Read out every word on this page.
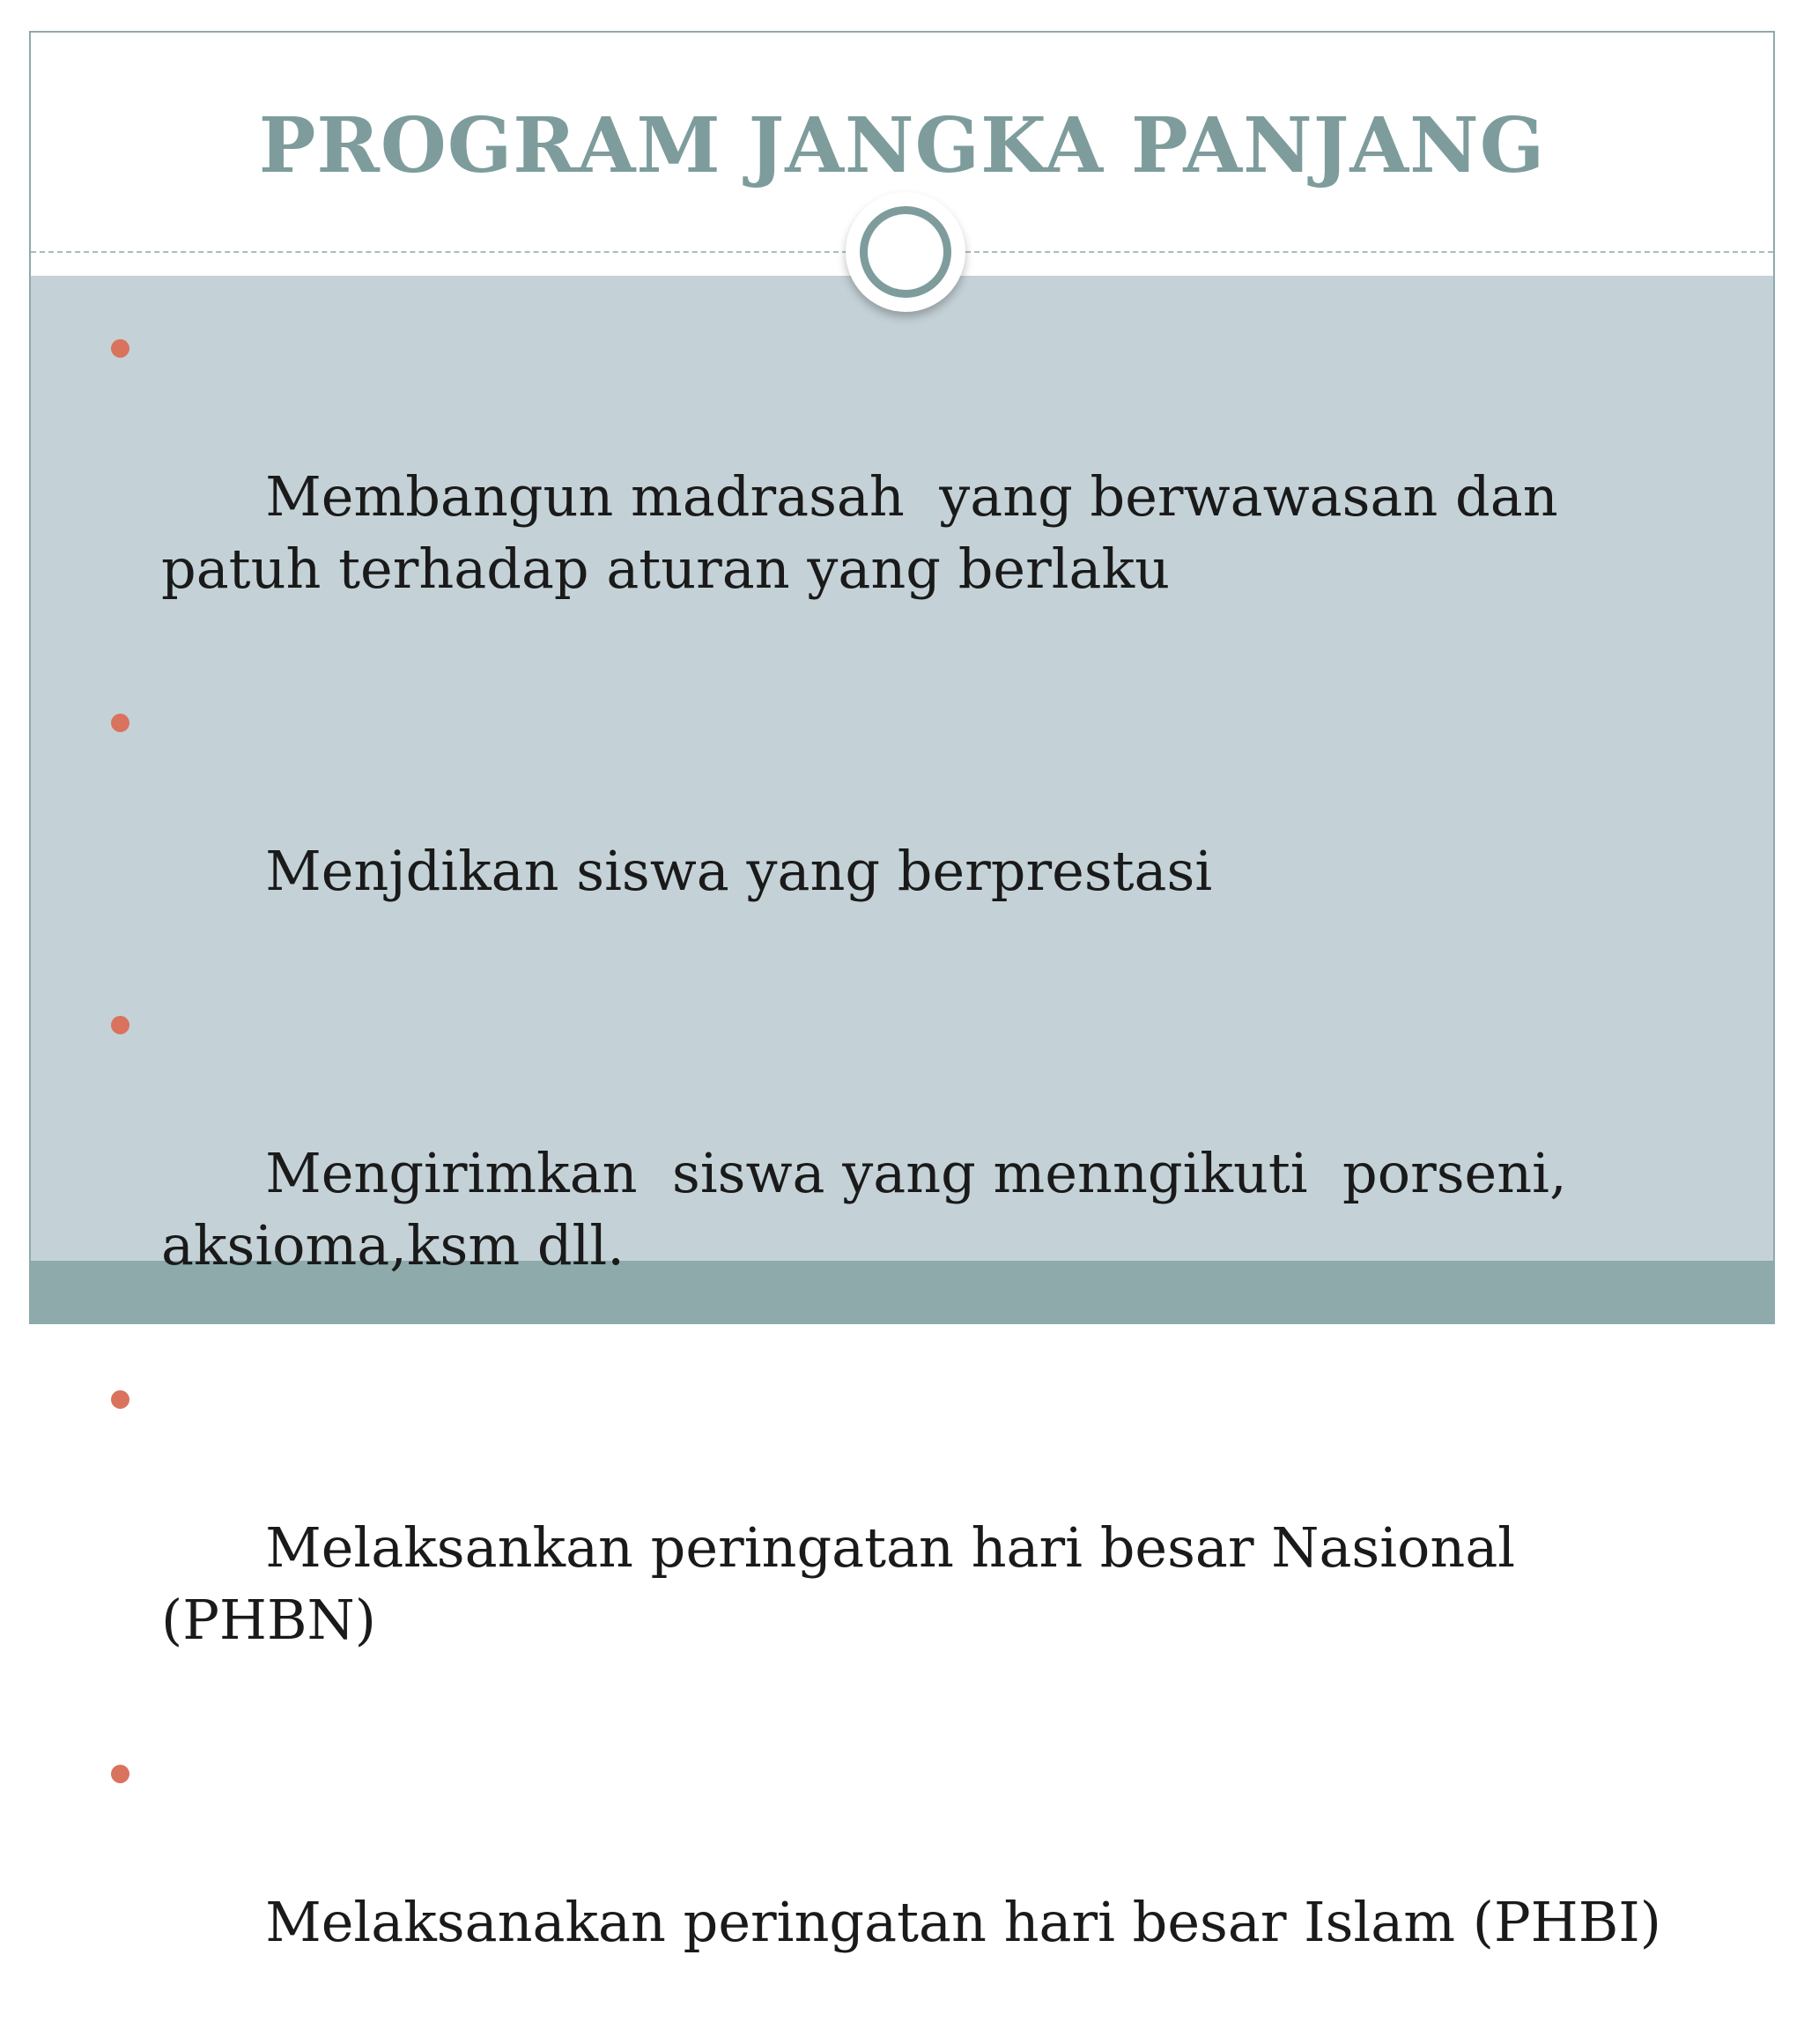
PROGRAM JANGKA PANJANG

Membangun madrasah  yang berwawasan dan patuh terhadap aturan yang berlaku

Menjdikan siswa yang berprestasi

Mengirimkan  siswa yang menngikuti  porseni, aksioma,ksm dll.

Melaksankan peringatan hari besar Nasional (PHBN)

Melaksanakan peringatan hari besar Islam (PHBI)
